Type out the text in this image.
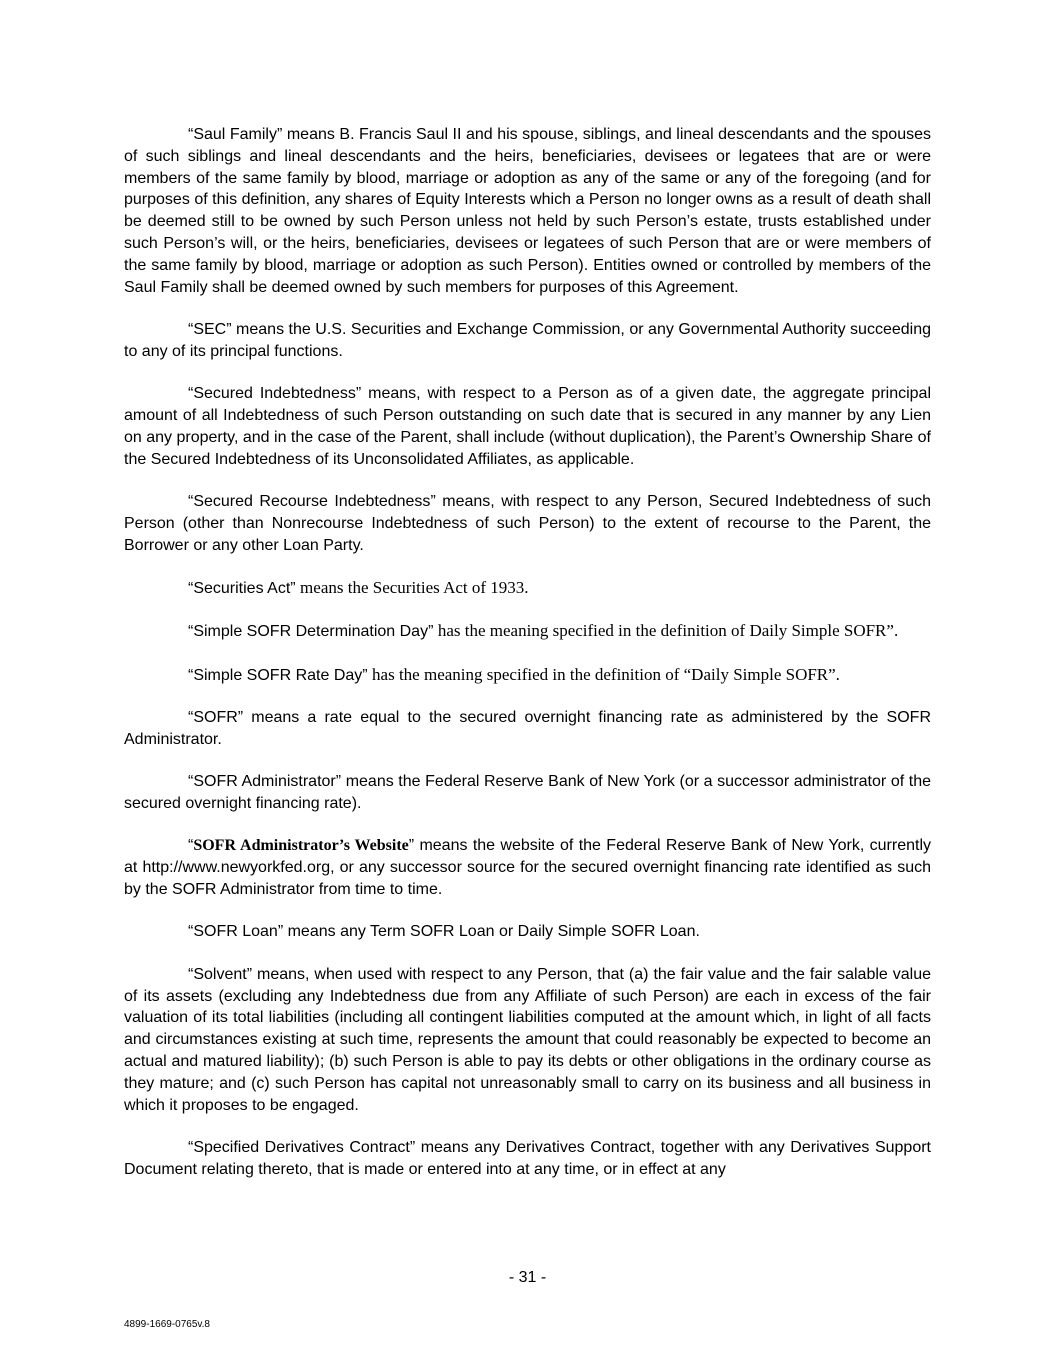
“Saul Family” means B. Francis Saul II and his spouse, siblings, and lineal descendants and the spouses of such siblings and lineal descendants and the heirs, beneficiaries, devisees or legatees that are or were members of the same family by blood, marriage or adoption as any of the same or any of the foregoing (and for purposes of this definition, any shares of Equity Interests which a Person no longer owns as a result of death shall be deemed still to be owned by such Person unless not held by such Person’s estate, trusts established under such Person’s will, or the heirs, beneficiaries, devisees or legatees of such Person that are or were members of the same family by blood, marriage or adoption as such Person). Entities owned or controlled by members of the Saul Family shall be deemed owned by such members for purposes of this Agreement.

“SEC” means the U.S. Securities and Exchange Commission, or any Governmental Authority succeeding to any of its principal functions.

“Secured Indebtedness” means, with respect to a Person as of a given date, the aggregate principal amount of all Indebtedness of such Person outstanding on such date that is secured in any manner by any Lien on any property, and in the case of the Parent, shall include (without duplication), the Parent’s Ownership Share of the Secured Indebtedness of its Unconsolidated Affiliates, as applicable.

“Secured Recourse Indebtedness” means, with respect to any Person, Secured Indebtedness of such Person (other than Nonrecourse Indebtedness of such Person) to the extent of recourse to the Parent, the Borrower or any other Loan Party.

“Securities Act” means the Securities Act of 1933.

“Simple SOFR Determination Day” has the meaning specified in the definition of Daily Simple SOFR”.

“Simple SOFR Rate Day” has the meaning specified in the definition of “Daily Simple SOFR”.

“SOFR” means a rate equal to the secured overnight financing rate as administered by the SOFR Administrator.

“SOFR Administrator” means the Federal Reserve Bank of New York (or a successor administrator of the secured overnight financing rate).

“SOFR Administrator’s Website” means the website of the Federal Reserve Bank of New York, currently at http://www.newyorkfed.org, or any successor source for the secured overnight financing rate identified as such by the SOFR Administrator from time to time.

“SOFR Loan” means any Term SOFR Loan or Daily Simple SOFR Loan.

“Solvent” means, when used with respect to any Person, that (a) the fair value and the fair salable value of its assets (excluding any Indebtedness due from any Affiliate of such Person) are each in excess of the fair valuation of its total liabilities (including all contingent liabilities computed at the amount which, in light of all facts and circumstances existing at such time, represents the amount that could reasonably be expected to become an actual and matured liability); (b) such Person is able to pay its debts or other obligations in the ordinary course as they mature; and (c) such Person has capital not unreasonably small to carry on its business and all business in which it proposes to be engaged.

“Specified Derivatives Contract” means any Derivatives Contract, together with any Derivatives Support Document relating thereto, that is made or entered into at any time, or in effect at any

- 31 -
4899-1669-0765v.8
